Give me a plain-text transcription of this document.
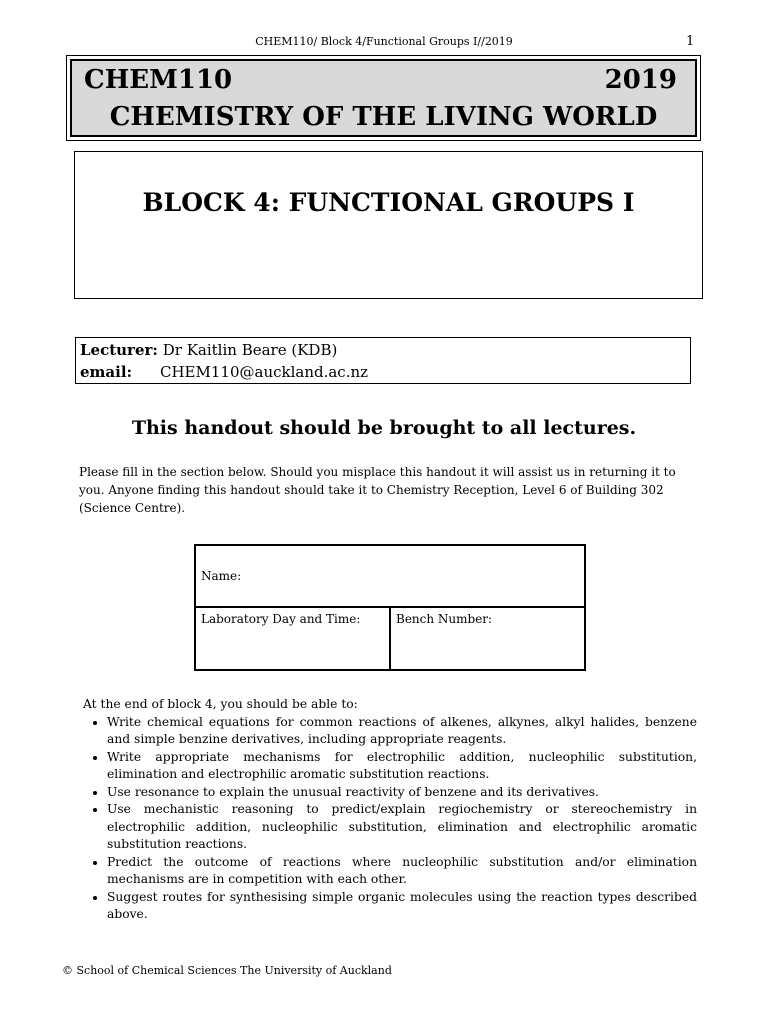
CHEM110/ Block 4/Functional Groups I//2019	1
CHEM110	2019
CHEMISTRY OF THE LIVING WORLD
BLOCK 4: FUNCTIONAL GROUPS I
Lecturer: Dr Kaitlin Beare (KDB)
email: CHEM110@auckland.ac.nz
This handout should be brought to all lectures.
Please fill in the section below. Should you misplace this handout it will assist us in returning it to you. Anyone finding this handout should take it to Chemistry Reception, Level 6 of Building 302 (Science Centre).
Name:
Laboratory Day and Time:	Bench Number:
At the end of block 4, you should be able to:
• Write chemical equations for common reactions of alkenes, alkynes, alkyl halides, benzene and simple benzine derivatives, including appropriate reagents.
• Write appropriate mechanisms for electrophilic addition, nucleophilic substitution, elimination and electrophilic aromatic substitution reactions.
• Use resonance to explain the unusual reactivity of benzene and its derivatives.
• Use mechanistic reasoning to predict/explain regiochemistry or stereochemistry in electrophilic addition, nucleophilic substitution, elimination and electrophilic aromatic substitution reactions.
• Predict the outcome of reactions where nucleophilic substitution and/or elimination mechanisms are in competition with each other.
• Suggest routes for synthesising simple organic molecules using the reaction types described above.
© School of Chemical Sciences The University of Auckland
